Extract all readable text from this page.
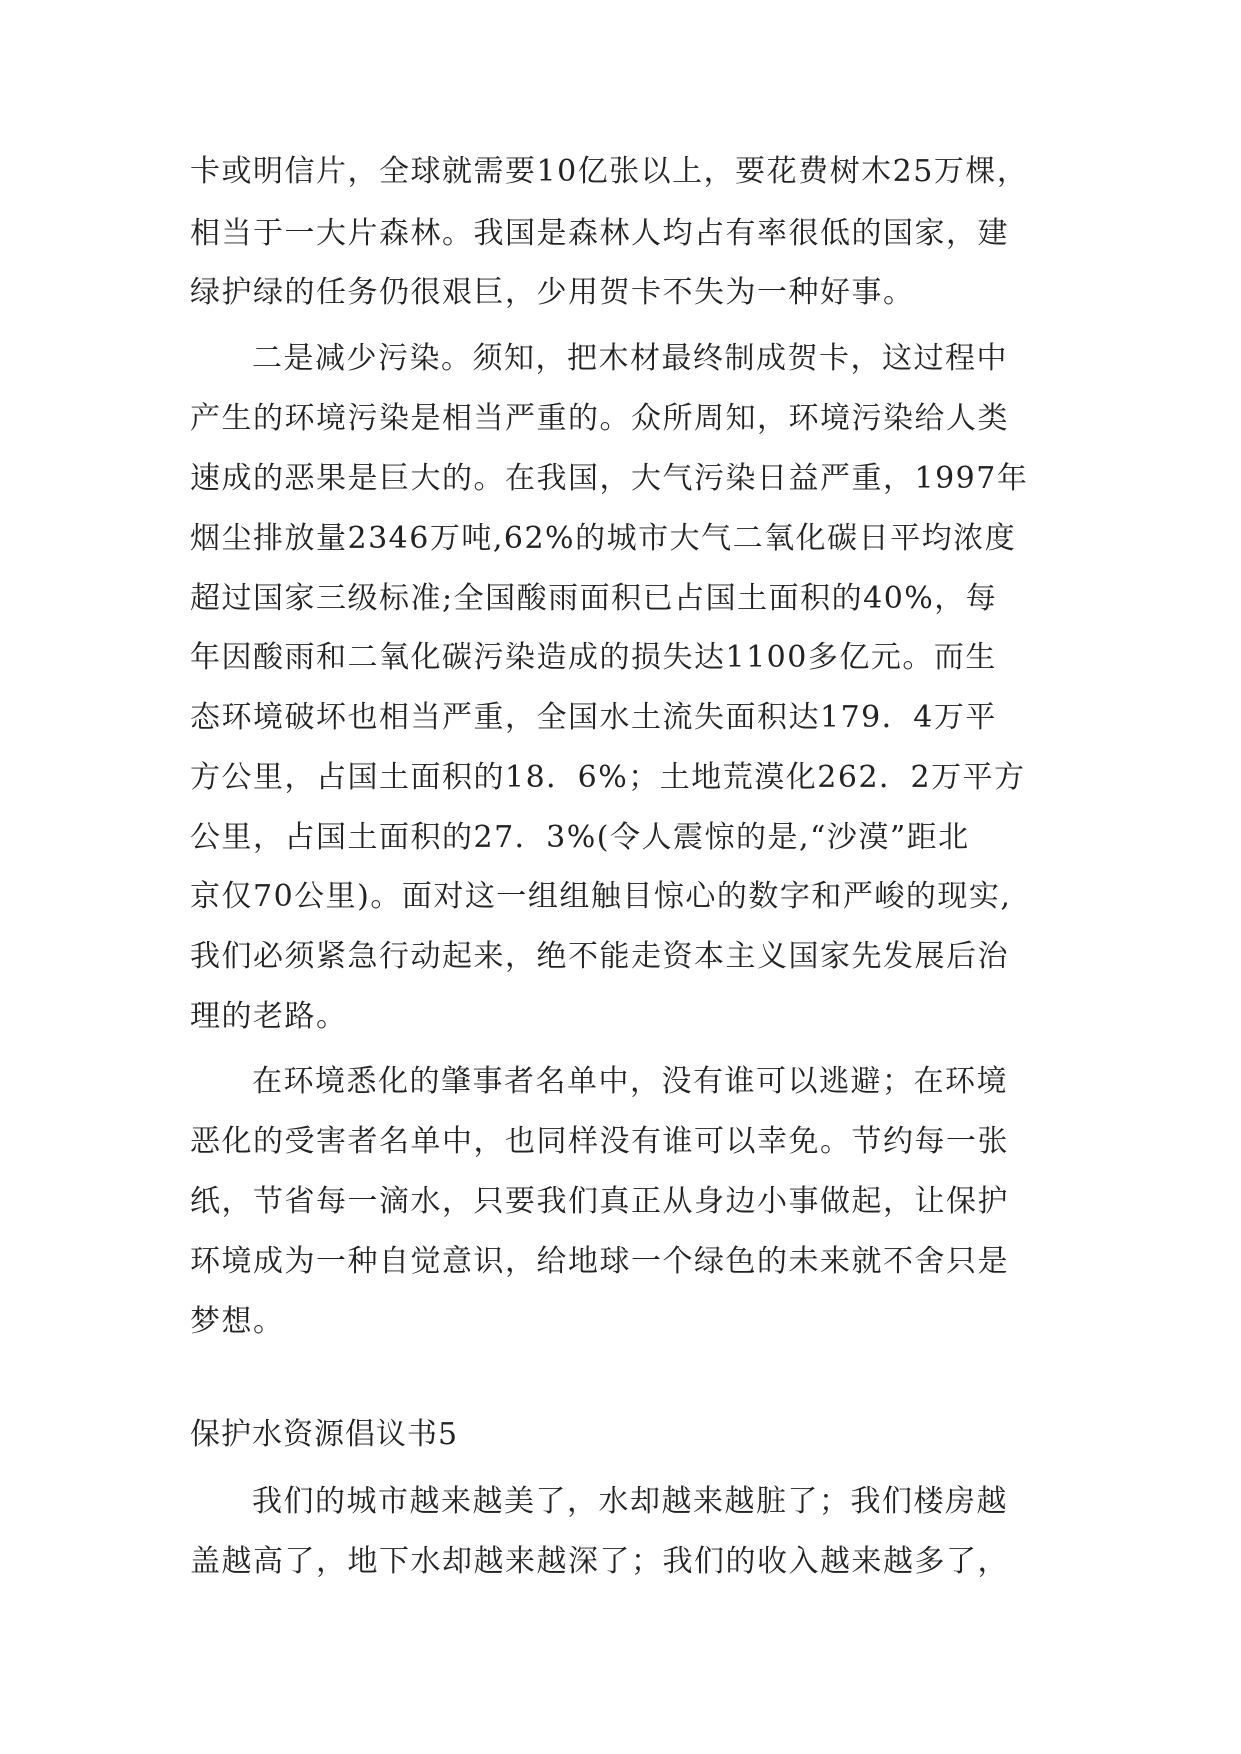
卡或明信片，全球就需要10亿张以上，要花费树木25万棵，
相当于一大片森林。我国是森林人均占有率很低的国家，建
绿护绿的任务仍很艰巨，少用贺卡不失为一种好事。
二是减少污染。须知，把木材最终制成贺卡，这过程中
产生的环境污染是相当严重的。众所周知，环境污染给人类
速成的恶果是巨大的。在我国，大气污染日益严重，1997年
烟尘排放量2346万吨,62%的城市大气二氧化碳日平均浓度
超过国家三级标准;全国酸雨面积已占国土面积的40%，每
年因酸雨和二氧化碳污染造成的损失达1100多亿元。而生
态环境破坏也相当严重，全国水土流失面积达179．4万平
方公里，占国土面积的18．6%；土地荒漠化262．2万平方
公里，占国土面积的27．3%(令人震惊的是,“沙漠”距北
京仅70公里)。面对这一组组触目惊心的数字和严峻的现实,
我们必须紧急行动起来，绝不能走资本主义国家先发展后治
理的老路。
在环境悉化的肇事者名单中，没有谁可以逃避；在环境
恶化的受害者名单中，也同样没有谁可以幸免。节约每一张
纸，节省每一滴水，只要我们真正从身边小事做起，让保护
环境成为一种自觉意识，给地球一个绿色的未来就不舍只是
梦想。
保护水资源倡议书5
我们的城市越来越美了，水却越来越脏了；我们楼房越
盖越高了，地下水却越来越深了；我们的收入越来越多了，
